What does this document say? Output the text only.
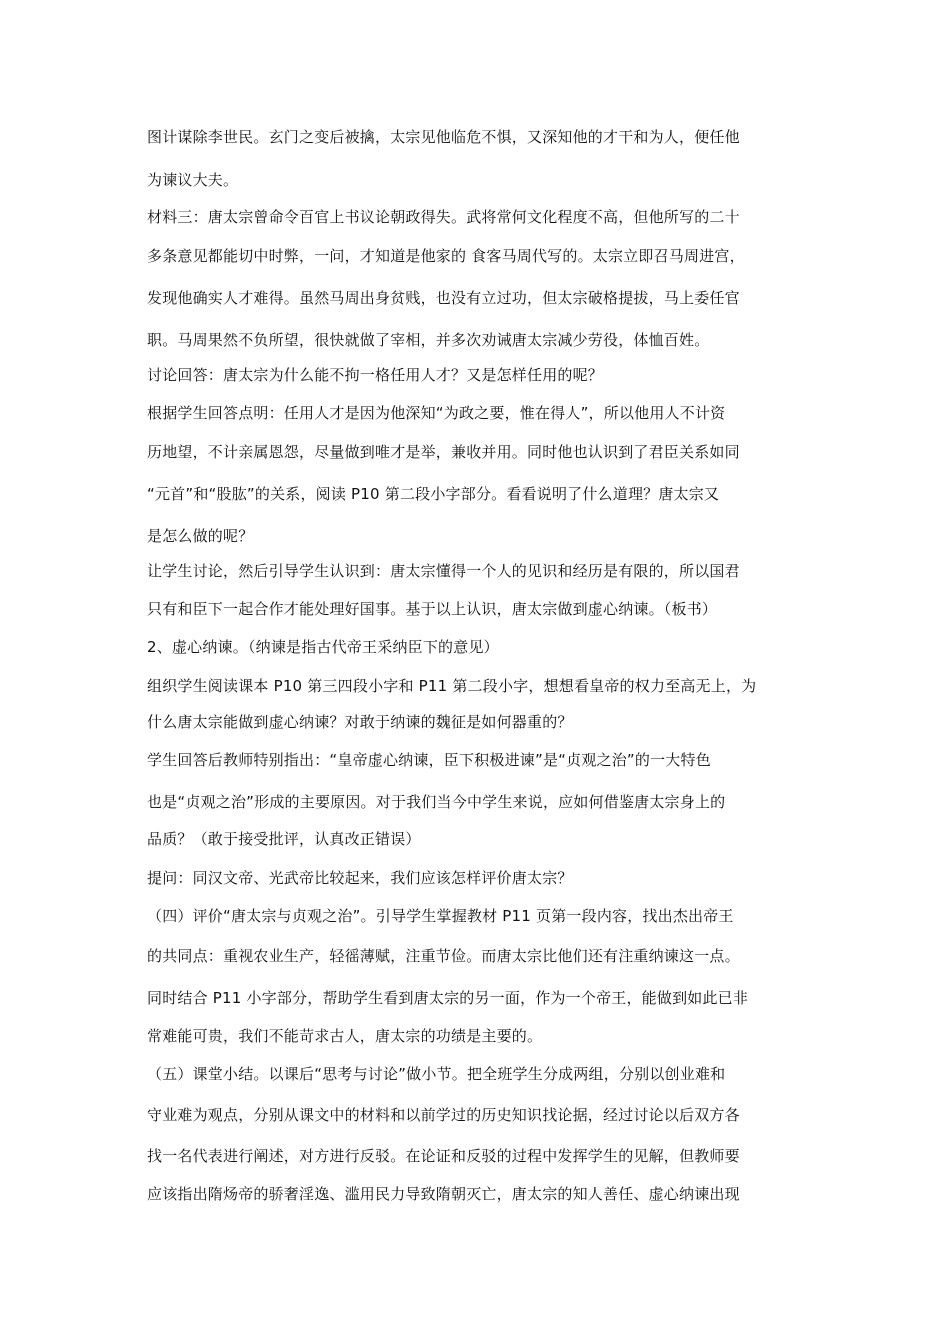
图计谋除李世民。玄门之变后被擒，太宗见他临危不惧，又深知他的才干和为人，便任他
为谏议大夫。
材料三：唐太宗曾命令百官上书议论朝政得失。武将常何文化程度不高，但他所写的二十
多条意见都能切中时弊，一问，才知道是他家的 食客马周代写的。太宗立即召马周进宫，
发现他确实人才难得。虽然马周出身贫贱，也没有立过功，但太宗破格提拔，马上委任官
职。马周果然不负所望，很快就做了宰相，并多次劝诫唐太宗减少劳役，体恤百姓。
讨论回答：唐太宗为什么能不拘一格任用人才？又是怎样任用的呢？
根据学生回答点明：任用人才是因为他深知“为政之要，惟在得人”，所以他用人不计资
历地望，不计亲属恩怨，尽量做到唯才是举，兼收并用。同时他也认识到了君臣关系如同
“元首”和“股肱”的关系，阅读 P10 第二段小字部分。看看说明了什么道理？唐太宗又
是怎么做的呢？
让学生讨论，然后引导学生认识到：唐太宗懂得一个人的见识和经历是有限的，所以国君
只有和臣下一起合作才能处理好国事。基于以上认识，唐太宗做到虚心纳谏。（板书）
2、虚心纳谏。（纳谏是指古代帝王采纳臣下的意见）
组织学生阅读课本 P10 第三四段小字和 P11 第二段小字，想想看皇帝的权力至高无上，为
什么唐太宗能做到虚心纳谏？对敢于纳谏的魏征是如何器重的？
学生回答后教师特别指出：“皇帝虚心纳谏，臣下积极进谏”是“贞观之治”的一大特色
也是“贞观之治”形成的主要原因。对于我们当今中学生来说，应如何借鉴唐太宗身上的
品质？（敢于接受批评，认真改正错误）
提问：同汉文帝、光武帝比较起来，我们应该怎样评价唐太宗？
（四）评价“唐太宗与贞观之治”。引导学生掌握教材 P11 页第一段内容，找出杰出帝王
的共同点：重视农业生产，轻徭薄赋，注重节俭。而唐太宗比他们还有注重纳谏这一点。
同时结合 P11 小字部分，帮助学生看到唐太宗的另一面，作为一个帝王，能做到如此已非
常难能可贵，我们不能苛求古人，唐太宗的功绩是主要的。
（五）课堂小结。以课后“思考与讨论”做小节。把全班学生分成两组，分别以创业难和
守业难为观点，分别从课文中的材料和以前学过的历史知识找论据，经过讨论以后双方各
找一名代表进行阐述，对方进行反驳。在论证和反驳的过程中发挥学生的见解，但教师要
应该指出隋炀帝的骄奢淫逸、滥用民力导致隋朝灭亡，唐太宗的知人善任、虚心纳谏出现
